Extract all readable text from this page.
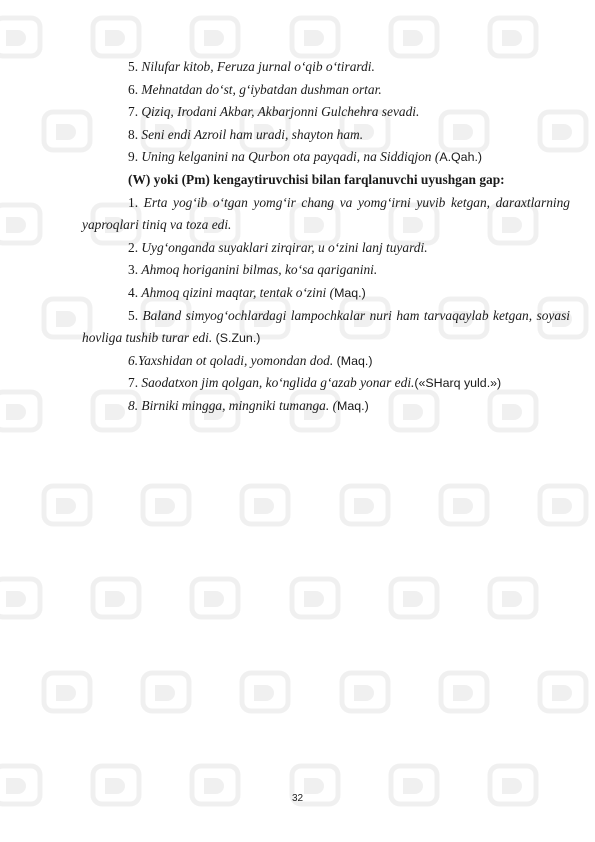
5. Nilufar kitob, Feruza jurnal o‘qib o‘tirardi.
6. Mehnatdan do‘st, g‘iybatdan dushman ortar.
7. Qiziq, Irodani Akbar, Akbarjonni Gulchehra sevadi.
8. Seni endi Azroil ham uradi, shayton ham.
9. Uning kelganini na Qurbon ota payqadi, na Siddiqjon (A.Qah.)
(W) yoki (Pm) kengaytiruvchisi bilan farqlanuvchi uyushgan gap:
1. Erta yog‘ib o‘tgan yomg‘ir chang va yomg‘irni yuvib ketgan, daraxtlarning yaproqlari tiniq va toza edi.
2. Uyg‘onganda suyaklari zirqirar, u o‘zini lanj tuyardi.
3. Ahmoq horiganini bilmas, ko‘sa qariganini.
4. Ahmoq qizini maqtar, tentak o‘zini (Maq.)
5. Baland simyog‘ochlardagi lampochkalar nuri ham tarvaqaylab ketgan, soyasi hovliga tushib turar edi. (S.Zun.)
6.Yaxshidan ot qoladi, yomondan dod. (Maq.)
7. Saodatxon jim qolgan, ko‘nglida g‘azab yonar edi.(«SHarq yuld.»)
8. Birniki mingga, mingniki tumanga. (Maq.)
32
